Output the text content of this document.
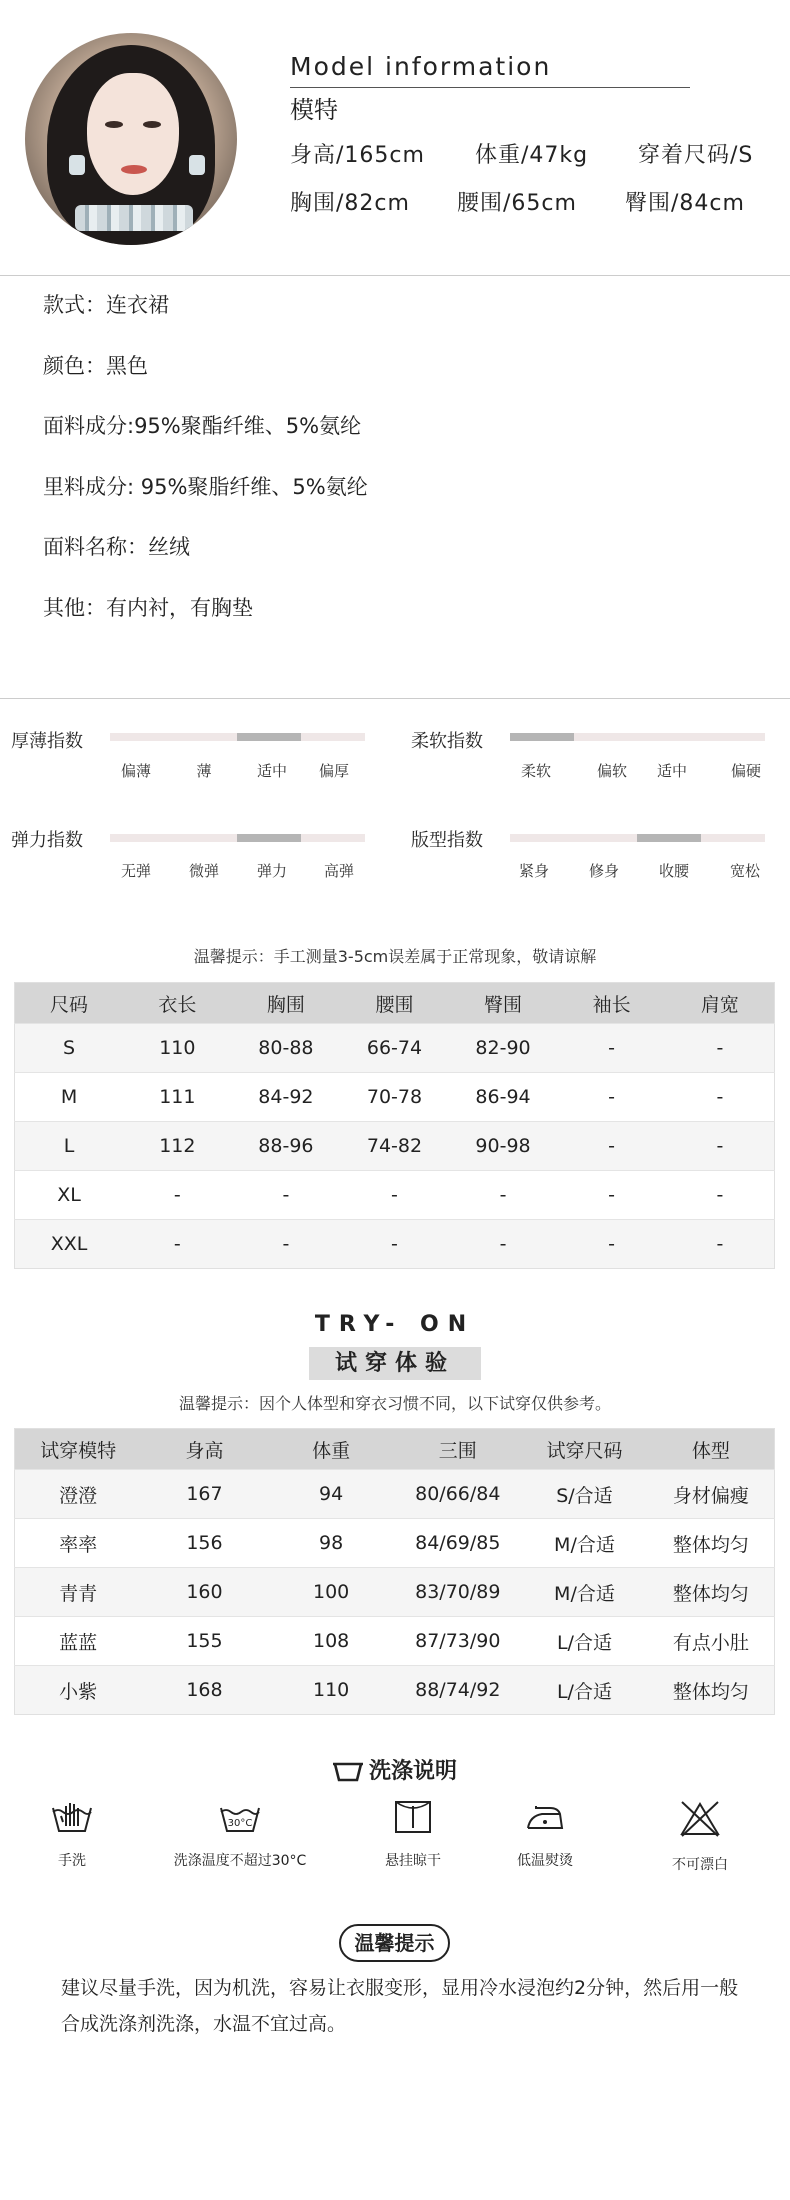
Model information
模特
身高/165cm 体重/47kg 穿着尺码/S
胸围/82cm 腰围/65cm 臀围/84cm
款式：连衣裙
颜色：黑色
面料成分:95%聚酯纤维、5%氨纶
里料成分: 95%聚脂纤维、5%氨纶
面料名称：丝绒
其他：有内衬，有胸垫
厚薄指数
偏薄	薄	适中 偏厚
柔软指数
柔软	偏软 适中	偏硬
弹力指数
无弹	微弹	弹力 高弹
版型指数
紧身	修身	收腰	宽松
温馨提示：手工测量3-5cm误差属于正常现象，敬请谅解
尺码	衣长	胸围	腰围	臀围	袖长	肩宽
S	110	80-88	66-74	82-90	-	-
M	111	84-92	70-78	86-94	-	-
L	112	88-96	74-82	90-98	-	-
XL	-	-	-	-	-	-
XXL	-	-	-	-	-	-
TRY- ON
试穿体验
温馨提示：因个人体型和穿衣习惯不同，以下试穿仅供参考。
试穿模特	身高	体重	三围	试穿尺码	体型
澄澄	167	94	80/66/84	S/合适	身材偏瘦
率率	156	98	84/69/85	M/合适	整体均匀
青青	160	100	83/70/89	M/合适	整体均匀
蓝蓝	155	108	87/73/90	L/合适	有点小肚
小紫	168	110	88/74/92	L/合适	整体均匀
洗涤说明
手洗
30°C
洗涤温度不超过30°C	悬挂晾干	低温熨烫	不可漂白
温馨提示
建议尽量手洗，因为机洗，容易让衣服变形，显用冷水浸泡约2分钟，然后用一般合成洗涤剂洗涤，水温不宜过高。
